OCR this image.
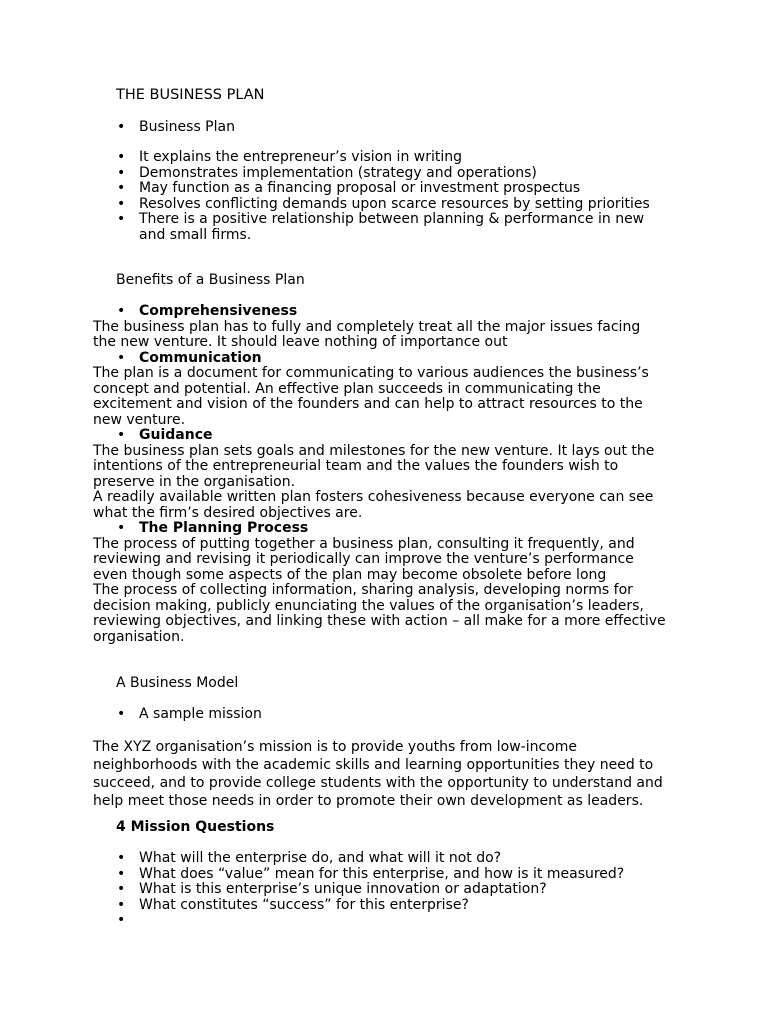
THE BUSINESS PLAN
• Business Plan
• It explains the entrepreneur’s vision in writing
• Demonstrates implementation (strategy and operations)
• May function as a financing proposal or investment prospectus
• Resolves conflicting demands upon scarce resources by setting priorities
• There is a positive relationship between planning & performance in new
and small firms.
Benefits of a Business Plan
• Comprehensiveness
The business plan has to fully and completely treat all the major issues facing
the new venture. It should leave nothing of importance out
• Communication
The plan is a document for communicating to various audiences the business’s
concept and potential. An effective plan succeeds in communicating the
excitement and vision of the founders and can help to attract resources to the
new venture.
• Guidance
The business plan sets goals and milestones for the new venture. It lays out the
intentions of the entrepreneurial team and the values the founders wish to
preserve in the organisation.
A readily available written plan fosters cohesiveness because everyone can see
what the firm’s desired objectives are.
• The Planning Process
The process of putting together a business plan, consulting it frequently, and
reviewing and revising it periodically can improve the venture’s performance
even though some aspects of the plan may become obsolete before long
The process of collecting information, sharing analysis, developing norms for
decision making, publicly enunciating the values of the organisation’s leaders,
reviewing objectives, and linking these with action – all make for a more effective
organisation.
A Business Model
• A sample mission
The XYZ organisation’s mission is to provide youths from low-income
neighborhoods with the academic skills and learning opportunities they need to
succeed, and to provide college students with the opportunity to understand and
help meet those needs in order to promote their own development as leaders.
4 Mission Questions
• What will the enterprise do, and what will it not do?
• What does “value” mean for this enterprise, and how is it measured?
• What is this enterprise’s unique innovation or adaptation?
• What constitutes “success” for this enterprise?
•
